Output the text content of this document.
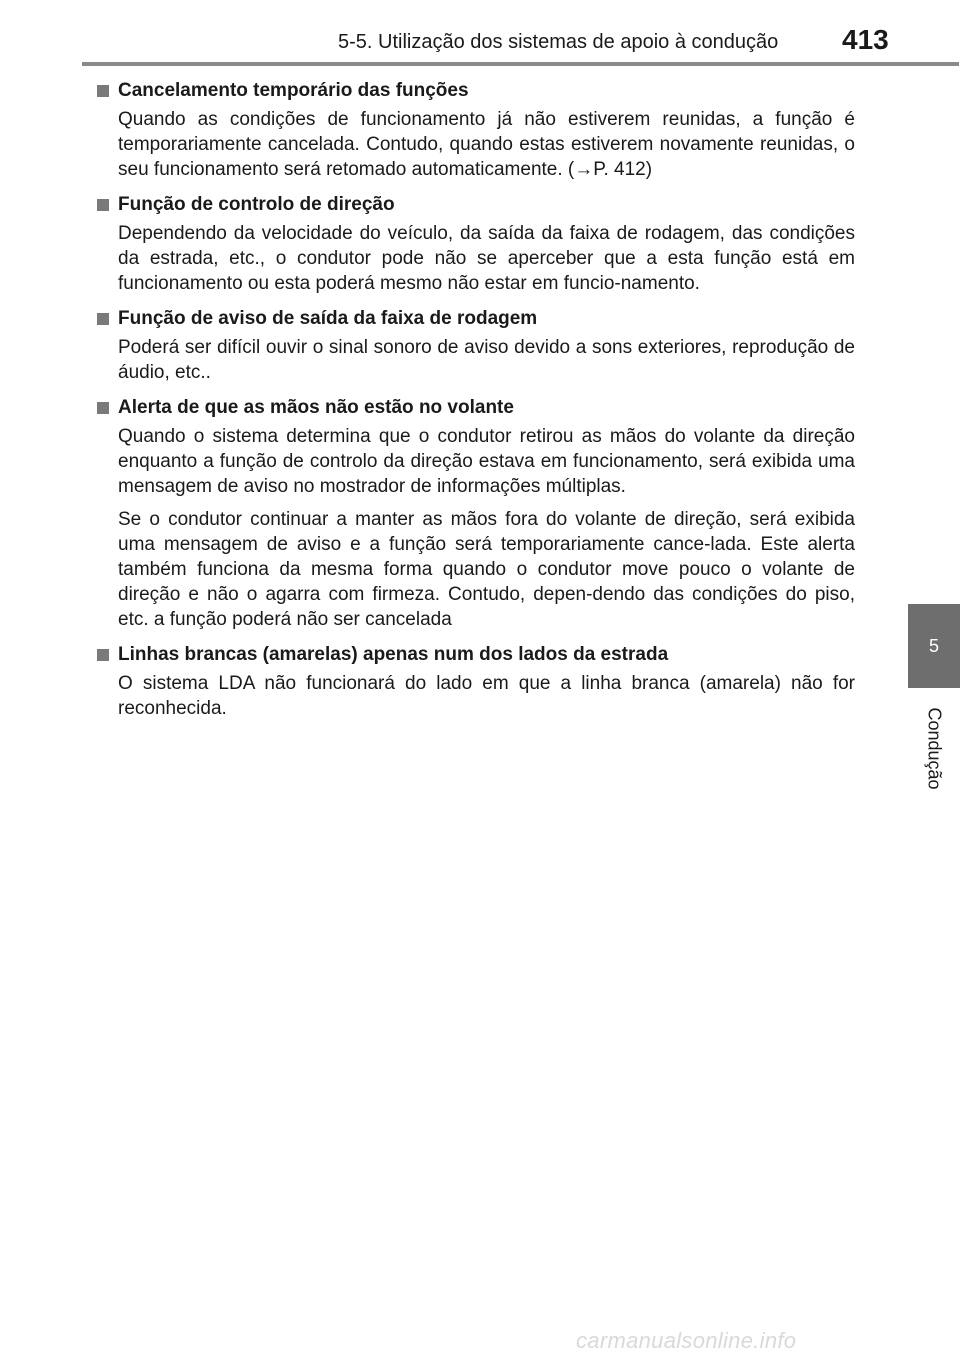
5-5. Utilização dos sistemas de apoio à condução 413
5
Condução
Cancelamento temporário das funções
Quando as condições de funcionamento já não estiverem reunidas, a função é temporariamente cancelada. Contudo, quando estas estiverem novamente reunidas, o seu funcionamento será retomado automaticamente. (→P. 412)
Função de controlo de direção
Dependendo da velocidade do veículo, da saída da faixa de rodagem, das condições da estrada, etc., o condutor pode não se aperceber que a esta função está em funcionamento ou esta poderá mesmo não estar em funcio-namento.
Função de aviso de saída da faixa de rodagem
Poderá ser difícil ouvir o sinal sonoro de aviso devido a sons exteriores, reprodução de áudio, etc..
Alerta de que as mãos não estão no volante
Quando o sistema determina que o condutor retirou as mãos do volante da direção enquanto a função de controlo da direção estava em funcionamento, será exibida uma mensagem de aviso no mostrador de informações múltiplas.
Se o condutor continuar a manter as mãos fora do volante de direção, será exibida uma mensagem de aviso e a função será temporariamente cance-lada. Este alerta também funciona da mesma forma quando o condutor move pouco o volante de direção e não o agarra com firmeza. Contudo, depen-dendo das condições do piso, etc. a função poderá não ser cancelada
Linhas brancas (amarelas) apenas num dos lados da estrada
O sistema LDA não funcionará do lado em que a linha branca (amarela) não for reconhecida.
carmanualsonline.info
